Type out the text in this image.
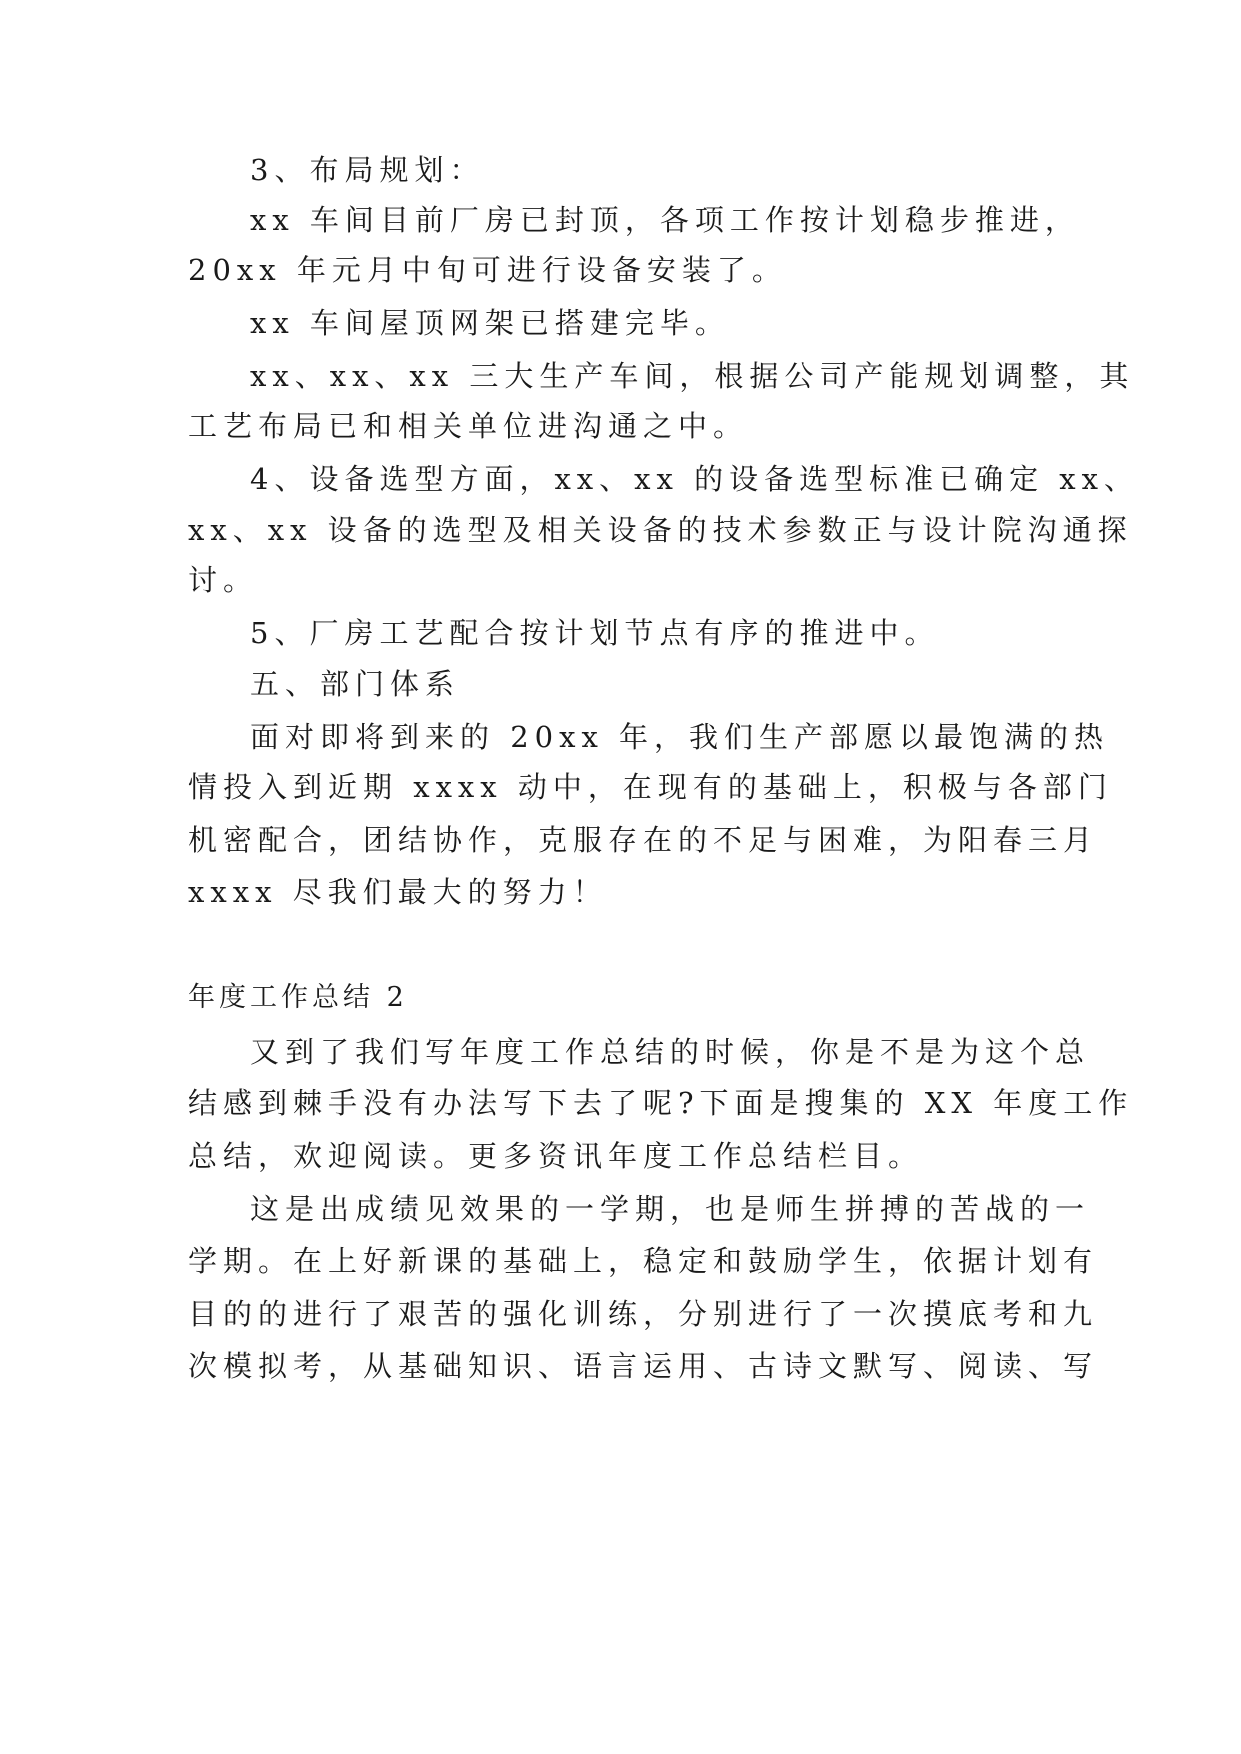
3、布局规划：
xx 车间目前厂房已封顶，各项工作按计划稳步推进，
20xx 年元月中旬可进行设备安装了。
xx 车间屋顶网架已搭建完毕。
xx、xx、xx 三大生产车间，根据公司产能规划调整，其
工艺布局已和相关单位进沟通之中。
4、设备选型方面，xx、xx 的设备选型标准已确定 xx、
xx、xx 设备的选型及相关设备的技术参数正与设计院沟通探
讨。
5、厂房工艺配合按计划节点有序的推进中。
五、部门体系
面对即将到来的 20xx 年，我们生产部愿以最饱满的热
情投入到近期 xxxx 动中，在现有的基础上，积极与各部门
机密配合，团结协作，克服存在的不足与困难，为阳春三月
xxxx 尽我们最大的努力！
年度工作总结 2
又到了我们写年度工作总结的时候，你是不是为这个总
结感到棘手没有办法写下去了呢?下面是搜集的 XX 年度工作
总结，欢迎阅读。更多资讯年度工作总结栏目。
这是出成绩见效果的一学期，也是师生拼搏的苦战的一
学期。在上好新课的基础上，稳定和鼓励学生，依据计划有
目的的进行了艰苦的强化训练，分别进行了一次摸底考和九
次模拟考，从基础知识、语言运用、古诗文默写、阅读、写
